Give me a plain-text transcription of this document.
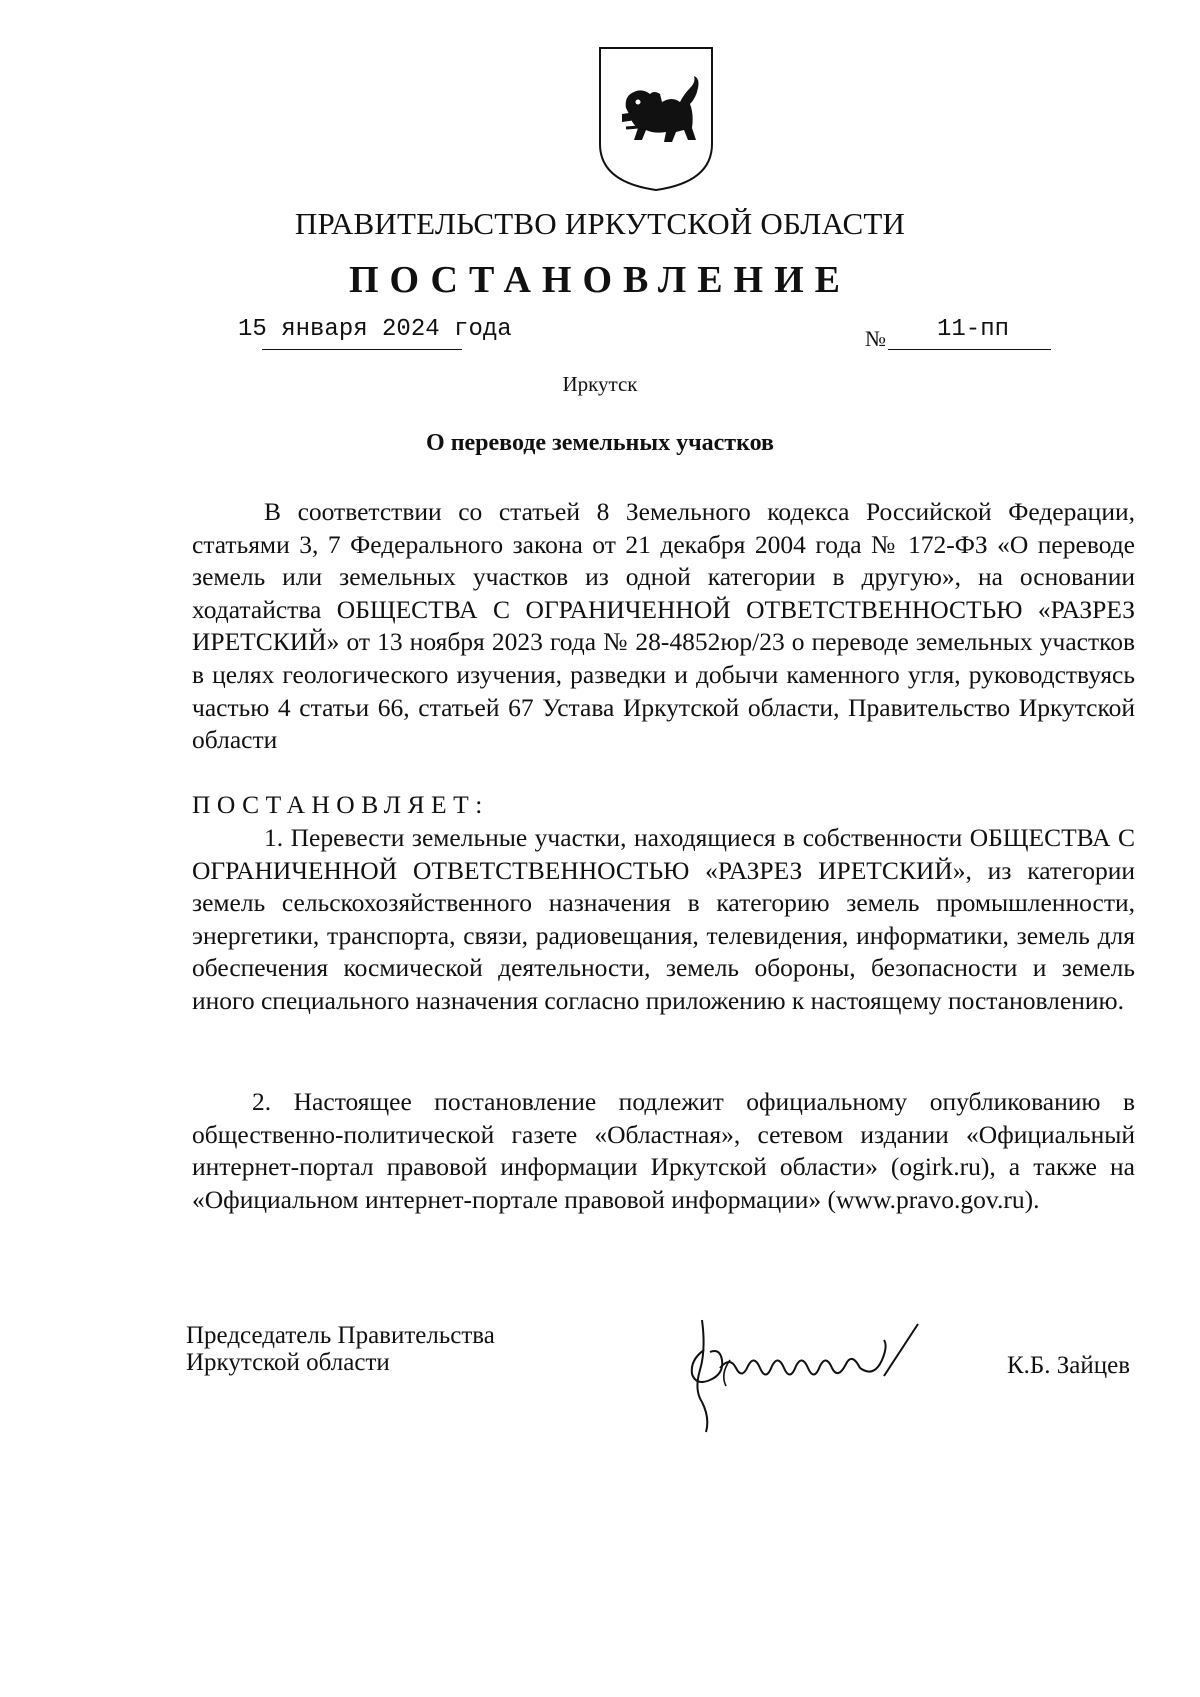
ПРАВИТЕЛЬСТВО ИРКУТСКОЙ ОБЛАСТИ
ПОСТАНОВЛЕНИЕ
15 января 2024 года	№ 11-пп
Иркутск
О переводе земельных участков
В соответствии со статьей 8 Земельного кодекса Российской Федерации, статьями 3, 7 Федерального закона от 21 декабря 2004 года № 172-ФЗ «О переводе земель или земельных участков из одной категории в другую», на основании ходатайства ОБЩЕСТВА С ОГРАНИЧЕННОЙ ОТВЕТСТВЕННОСТЬЮ «РАЗРЕЗ ИРЕТСКИЙ» от 13 ноября 2023 года № 28-4852юр/23 о переводе земельных участков в целях геологического изучения, разведки и добычи каменного угля, руководствуясь частью 4 статьи 66, статьей 67 Устава Иркутской области, Правительство Иркутской области
ПОСТАНОВЛЯЕТ:
1. Перевести земельные участки, находящиеся в собственности ОБЩЕСТВА С ОГРАНИЧЕННОЙ ОТВЕТСТВЕННОСТЬЮ «РАЗРЕЗ ИРЕТСКИЙ», из категории земель сельскохозяйственного назначения в категорию земель промышленности, энергетики, транспорта, связи, радиовещания, телевидения, информатики, земель для обеспечения космической деятельности, земель обороны, безопасности и земель иного специального назначения согласно приложению к настоящему постановлению.
2. Настоящее постановление подлежит официальному опубликованию в общественно-политической газете «Областная», сетевом издании «Официальный интернет-портал правовой информации Иркутской области» (ogirk.ru), а также на «Официальном интернет-портале правовой информации» (www.pravo.gov.ru).
Председатель Правительства
Иркутской области	К.Б. Зайцев
